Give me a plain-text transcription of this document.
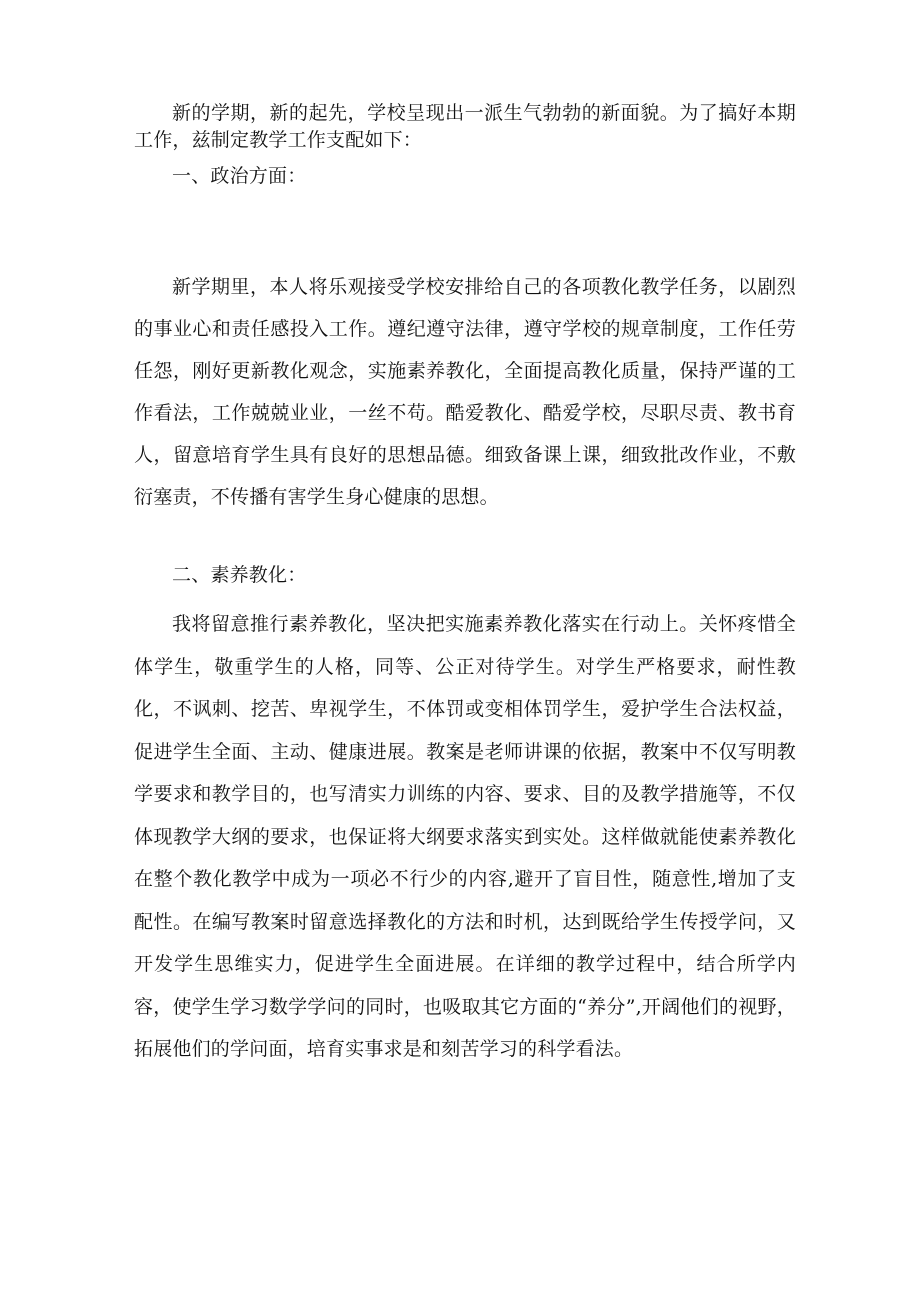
新的学期，新的起先，学校呈现出一派生气勃勃的新面貌。为了搞好本期工作，兹制定教学工作支配如下：

一、政治方面：

新学期里，本人将乐观接受学校安排给自己的各项教化教学任务，以剧烈的事业心和责任感投入工作。遵纪遵守法律，遵守学校的规章制度，工作任劳任怨，刚好更新教化观念，实施素养教化，全面提高教化质量，保持严谨的工作看法，工作兢兢业业，一丝不苟。酷爱教化、酷爱学校，尽职尽责、教书育人，留意培育学生具有良好的思想品德。细致备课上课，细致批改作业，不敷衍塞责，不传播有害学生身心健康的思想。

二、素养教化：

我将留意推行素养教化，坚决把实施素养教化落实在行动上。关怀疼惜全体学生，敬重学生的人格，同等、公正对待学生。对学生严格要求，耐性教化，不讽刺、挖苦、卑视学生，不体罚或变相体罚学生，爱护学生合法权益，促进学生全面、主动、健康进展。教案是老师讲课的依据，教案中不仅写明教学要求和教学目的，也写清实力训练的内容、要求、目的及教学措施等，不仅体现教学大纲的要求，也保证将大纲要求落实到实处。这样做就能使素养教化在整个教化教学中成为一项必不行少的内容,避开了盲目性，随意性,增加了支配性。在编写教案时留意选择教化的方法和时机，达到既给学生传授学问，又开发学生思维实力，促进学生全面进展。在详细的教学过程中，结合所学内容，使学生学习数学学问的同时，也吸取其它方面的“养分”,开阔他们的视野，拓展他们的学问面，培育实事求是和刻苦学习的科学看法。
